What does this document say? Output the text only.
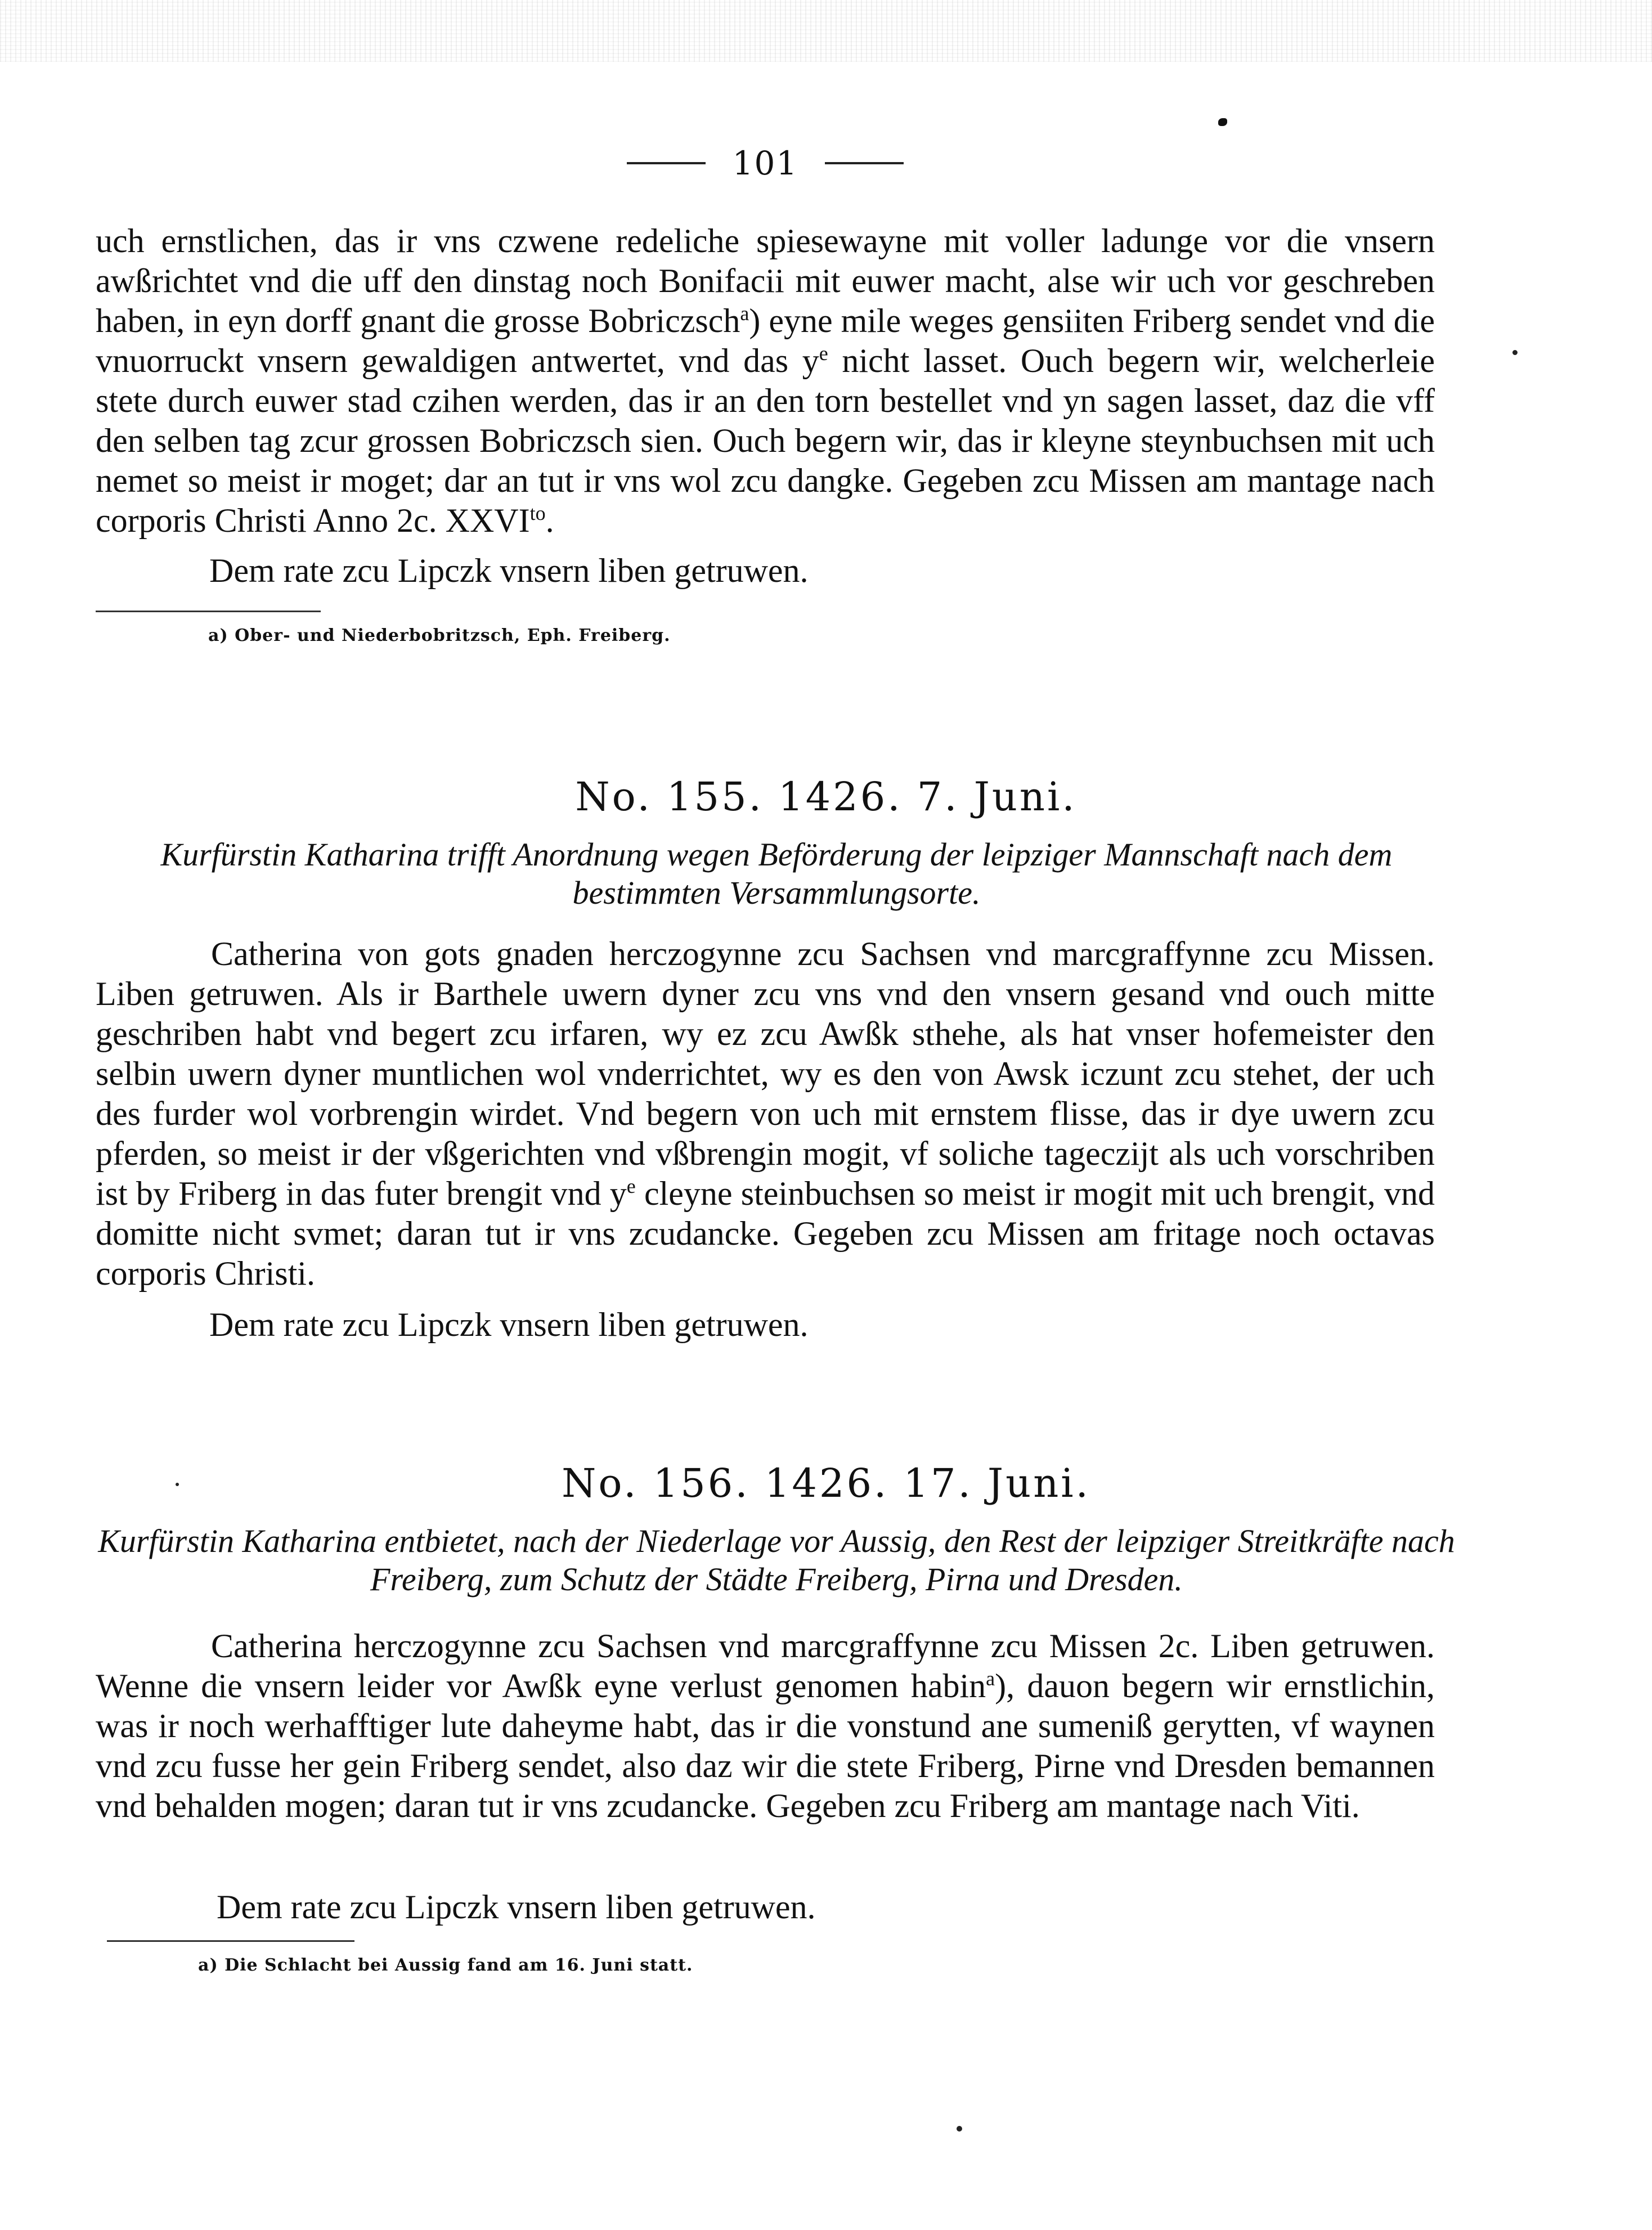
101

uch ernstlichen, das ir vns czwene redeliche spiesewayne mit voller ladunge vor die vnsern awßrichtet vnd die uff den dinstag noch Bonifacii mit euwer macht, alse wir uch vor geschreben haben, in eyn dorff gnant die grosse Bobriczsch$^a$) eyne mile weges gensiiten Friberg sendet vnd die vnuorruckt vnsern gewaldigen antwertet, vnd das $y^e$ nicht lasset. Ouch begern wir, welcherleie stete durch euwer stad czihen werden, das ir an den torn bestellet vnd yn sagen lasset, daz die vff den selben tag zcur grossen Bobriczsch sien. Ouch begern wir, das ir kleyne steynbuchsen mit uch nemet so meist ir moget; dar an tut ir vns wol zcu dangke. Gegeben zcu Missen am mantage nach corporis Christi Anno 2c. $XXVI^{to}$.

Dem rate zcu Lipczk vnsern liben getruwen.
a) Ober- und Niederbobritzsch, Eph. Freiberg.
No. 155. 1426. 7. Juni.
Kurfürstin Katharina trifft Anordnung wegen Beförderung der leipziger Mannschaft nach dem bestimmten Versammlungsorte.

Catherina von gots gnaden herczogynne zcu Sachsen vnd marcgraffynne zcu Missen. Liben getruwen. Als ir Barthele uwern dyner zcu vns vnd den vnsern gesand vnd ouch mitte geschriben habt vnd begert zcu irfaren, wy ez zcu Awßk sthehe, als hat vnser hofemeister den selbin uwern dyner muntlichen wol vnderrichtet, wy es den von Awsk iczunt zcu stehet, der uch des furder wol vorbrengin wirdet. Vnd begern von uch mit ernstem flisse, das ir dye uwern zcu pferden, so meist ir der vßgerichten vnd vßbrengin mogit, vf soliche tageczijt als uch vorschriben ist by Friberg in das futer brengit vnd $y^e$ cleyne steinbuchsen so meist ir mogit mit uch brengit, vnd domitte nicht svmet; daran tut ir vns zcudancke. Gegeben zcu Missen am fritage noch octavas corporis Christi.

Dem rate zcu Lipczk vnsern liben getruwen.
No. 156. 1426. 17. Juni.
Kurfürstin Katharina entbietet, nach der Niederlage vor Aussig, den Rest der leipziger Streitkräfte nach Freiberg, zum Schutz der Städte Freiberg, Pirna und Dresden.

Catherina herczogynne zcu Sachsen vnd marcgraffynne zcu Missen 2c. Liben getruwen. Wenne die vnsern leider vor Awßk eyne verlust genomen habin$^a$), dauon begern wir ernstlichin, was ir noch werhafftiger lute daheyme habt, das ir die vonstund ane sumeniß gerytten, vf waynen vnd zcu fusse her gein Friberg sendet, also daz wir die stete Friberg, Pirne vnd Dresden bemannen vnd behalden mogen; daran tut ir vns zcudancke. Gegeben zcu Friberg am mantage nach Viti.

Dem rate zcu Lipczk vnsern liben getruwen.
a) Die Schlacht bei Aussig fand am 16. Juni statt.
